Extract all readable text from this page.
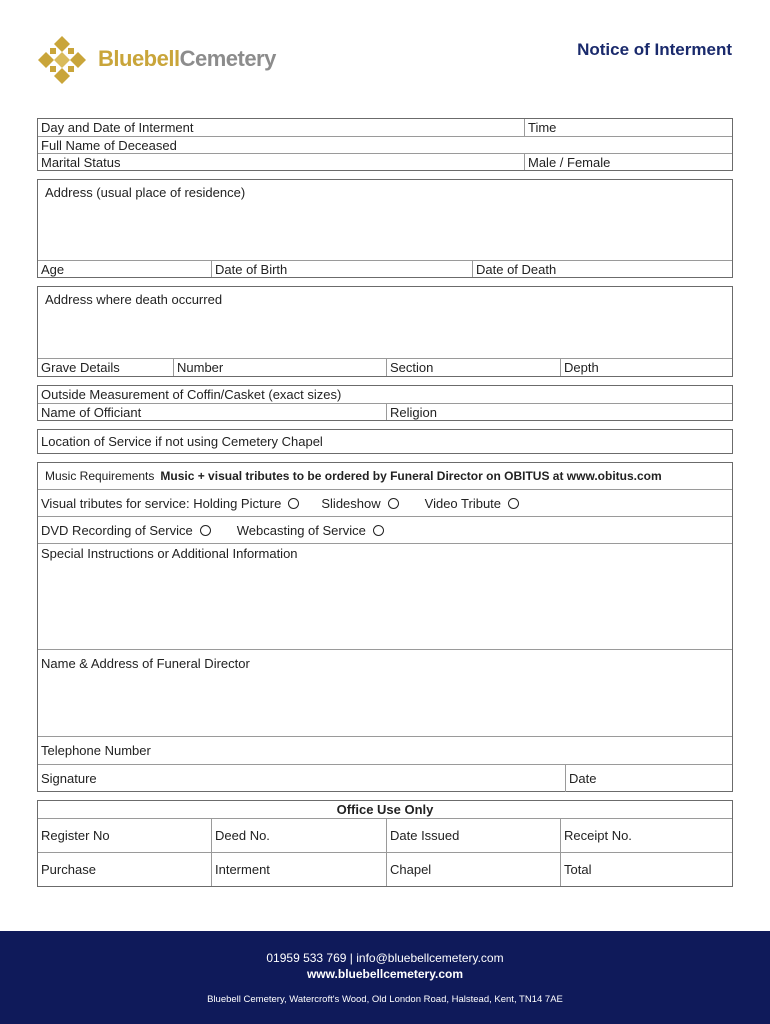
BluebellCemetery	Notice of Interment
Day and Date of Interment	Time
Full Name of Deceased
Marital Status	Male / Female
Address (usual place of residence)
Age	Date of Birth	Date of Death
Address where death occurred
Grave Details	Number	Section	Depth
Outside Measurement of Coffin/Casket (exact sizes)
Name of Officiant	Religion
Location of Service if not using Cemetery Chapel
Music Requirements Music + visual tributes to be ordered by Funeral Director on OBITUS at www.obitus.com
Visual tributes for service: Holding Picture	Slideshow	Video Tribute
DVD Recording of Service	Webcasting of Service
Special Instructions or Additional Information
Name & Address of Funeral Director
Telephone Number
Signature	Date
Office Use Only
Register No	Deed No.	Date Issued	Receipt No.
Purchase	Interment	Chapel	Total
01959 533 769 | info@bluebellcemetery.com
www.bluebellcemetery.com
Bluebell Cemetery, Watercroft's Wood, Old London Road, Halstead, Kent, TN14 7AE
